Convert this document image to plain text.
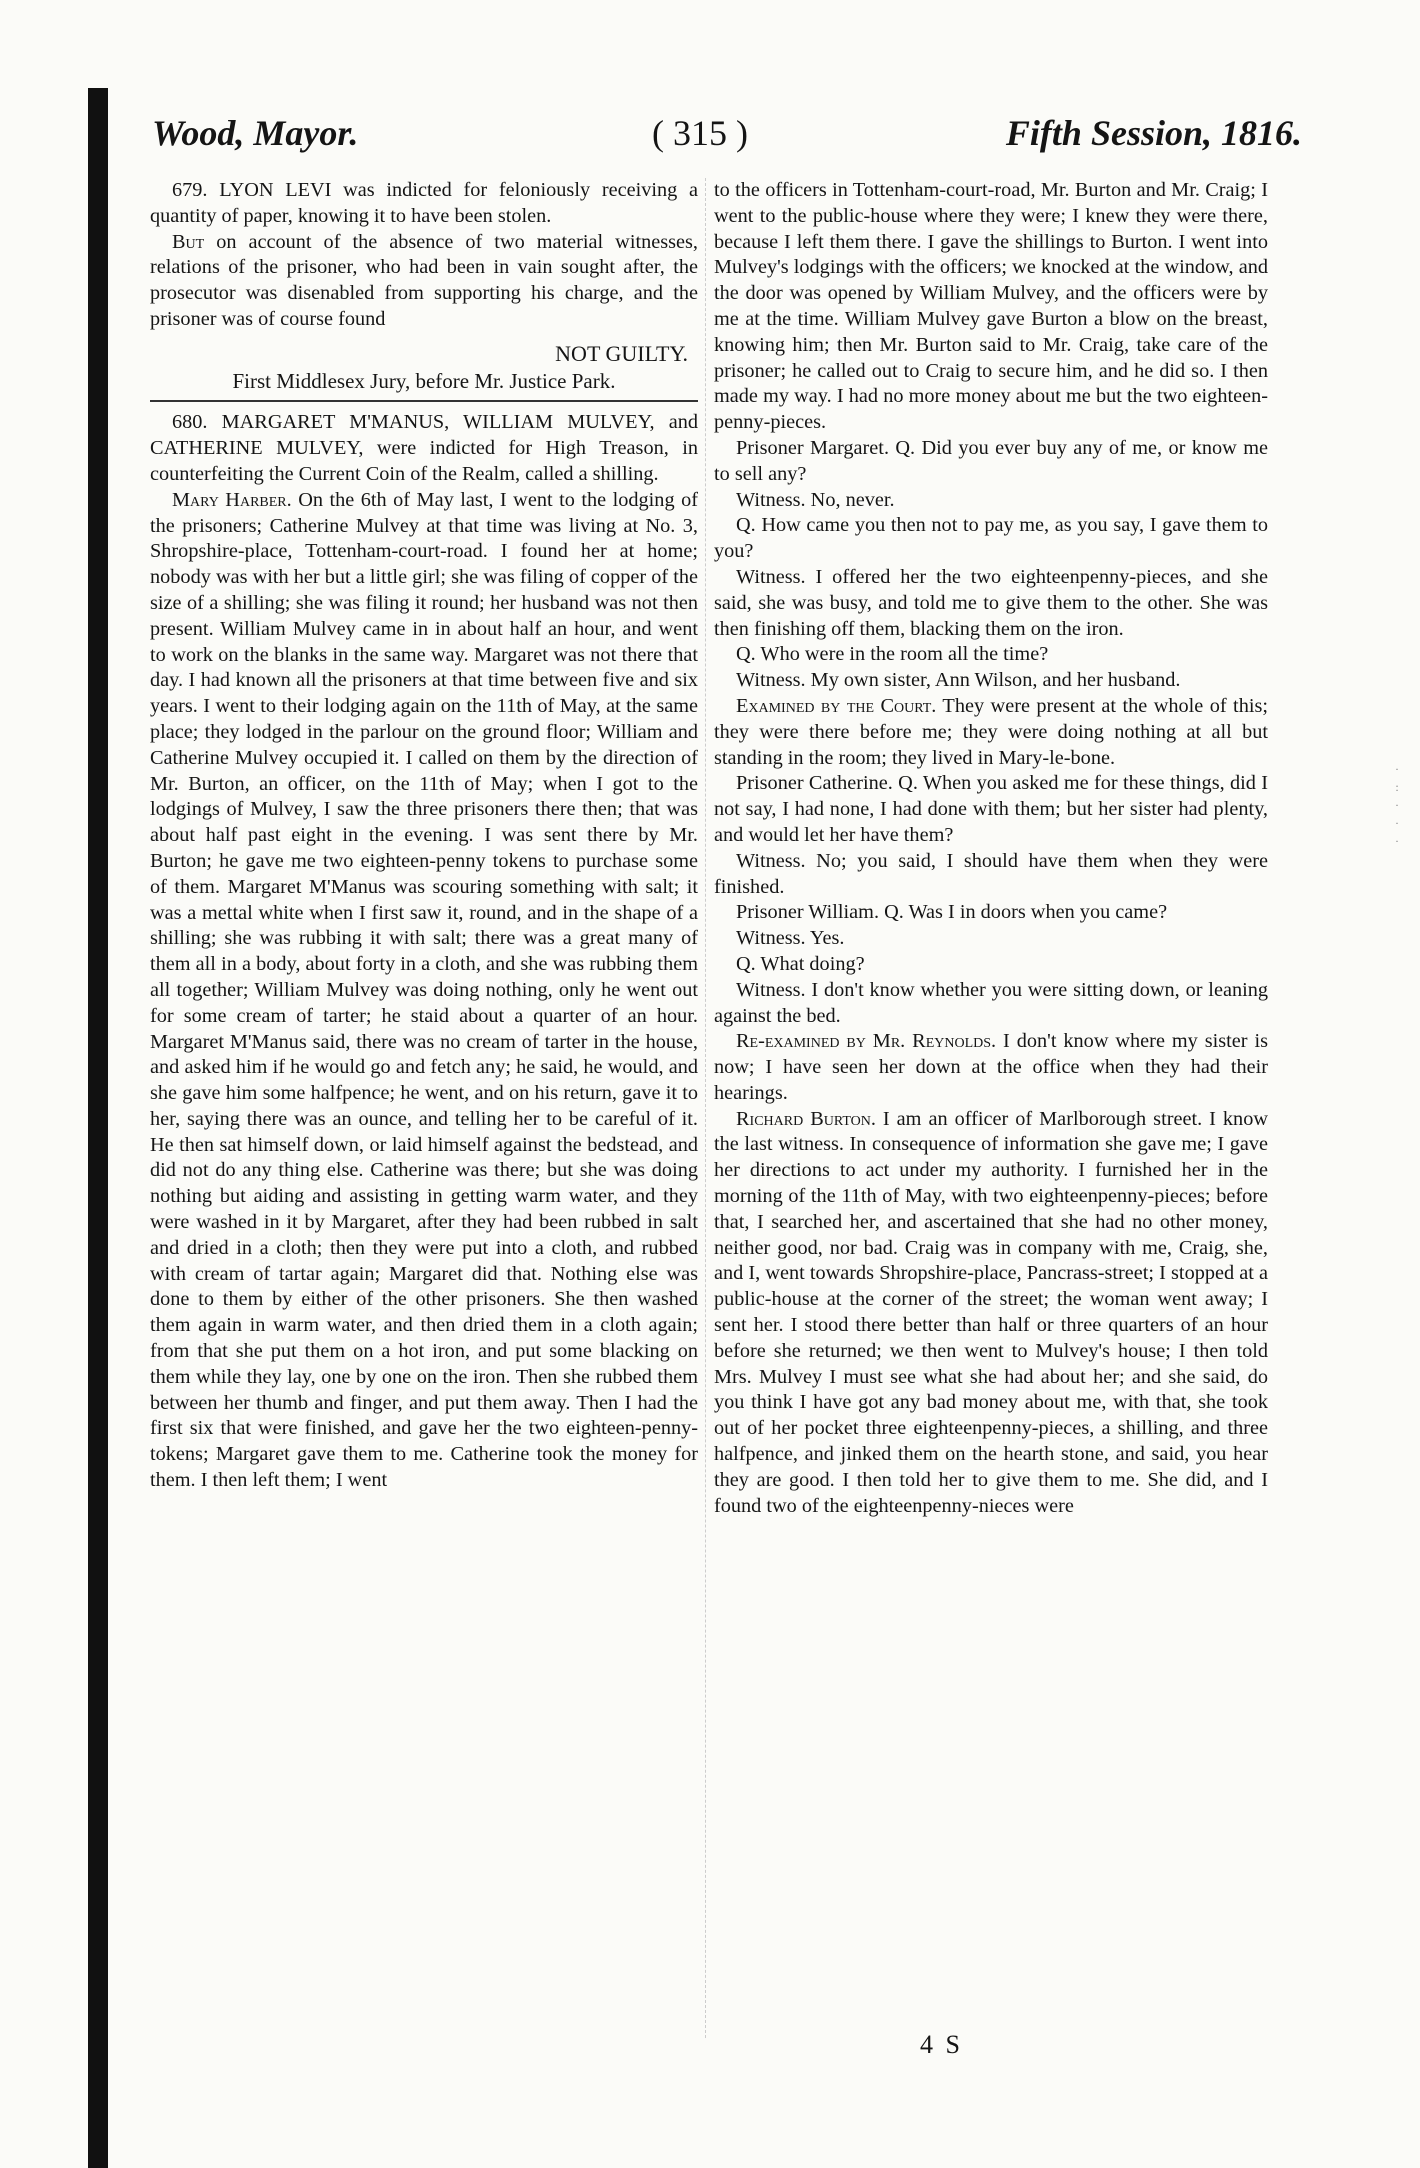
Wood, Mayor.	( 315 )	Fifth Session, 1816.

679. LYON LEVI was indicted for feloniously receiving a quantity of paper, knowing it to have been stolen.

But on account of the absence of two material witnesses, relations of the prisoner, who had been in vain sought after, the prosecutor was disenabled from supporting his charge, and the prisoner was of course found

NOT GUILTY.
First Middlesex Jury, before Mr. Justice Park.

680. MARGARET M'MANUS, WILLIAM MULVEY, and CATHERINE MULVEY, were indicted for High Treason, in counterfeiting the Current Coin of the Realm, called a shilling.

Mary Harber. On the 6th of May last, I went to the lodging of the prisoners; Catherine Mulvey at that time was living at No. 3, Shropshire-place, Tottenham-court-road. I found her at home; nobody was with her but a little girl; she was filing of copper of the size of a shilling; she was filing it round; her husband was not then present. William Mulvey came in in about half an hour, and went to work on the blanks in the same way. Margaret was not there that day. I had known all the prisoners at that time between five and six years. I went to their lodging again on the 11th of May, at the same place; they lodged in the parlour on the ground floor; William and Catherine Mulvey occupied it. I called on them by the direction of Mr. Burton, an officer, on the 11th of May; when I got to the lodgings of Mulvey, I saw the three prisoners there then; that was about half past eight in the evening. I was sent there by Mr. Burton; he gave me two eighteen-penny tokens to purchase some of them. Margaret M'Manus was scouring something with salt; it was a mettal white when I first saw it, round, and in the shape of a shilling; she was rubbing it with salt; there was a great many of them all in a body, about forty in a cloth, and she was rubbing them all together; William Mulvey was doing nothing, only he went out for some cream of tarter; he staid about a quarter of an hour. Margaret M'Manus said, there was no cream of tarter in the house, and asked him if he would go and fetch any; he said, he would, and she gave him some halfpence; he went, and on his return, gave it to her, saying there was an ounce, and telling her to be careful of it. He then sat himself down, or laid himself against the bedstead, and did not do any thing else. Catherine was there; but she was doing nothing but aiding and assisting in getting warm water, and they were washed in it by Margaret, after they had been rubbed in salt and dried in a cloth; then they were put into a cloth, and rubbed with cream of tartar again; Margaret did that. Nothing else was done to them by either of the other prisoners. She then washed them again in warm water, and then dried them in a cloth again; from that she put them on a hot iron, and put some blacking on them while they lay, one by one on the iron. Then she rubbed them between her thumb and finger, and put them away. Then I had the first six that were finished, and gave her the two eighteen-penny-tokens; Margaret gave them to me. Catherine took the money for them. I then left them; I went

to the officers in Tottenham-court-road, Mr. Burton and Mr. Craig; I went to the public-house where they were; I knew they were there, because I left them there. I gave the shillings to Burton. I went into Mulvey's lodgings with the officers; we knocked at the window, and the door was opened by William Mulvey, and the officers were by me at the time. William Mulvey gave Burton a blow on the breast, knowing him; then Mr. Burton said to Mr. Craig, take care of the prisoner; he called out to Craig to secure him, and he did so. I then made my way. I had no more money about me but the two eighteen-penny-pieces.

Prisoner Margaret. Q. Did you ever buy any of me, or know me to sell any?

Witness. No, never.

Q. How came you then not to pay me, as you say, I gave them to you?

Witness. I offered her the two eighteenpenny-pieces, and she said, she was busy, and told me to give them to the other. She was then finishing off them, blacking them on the iron.

Q. Who were in the room all the time?

Witness. My own sister, Ann Wilson, and her husband.

Examined by the Court. They were present at the whole of this; they were there before me; they were doing nothing at all but standing in the room; they lived in Mary-le-bone.

Prisoner Catherine. Q. When you asked me for these things, did I not say, I had none, I had done with them; but her sister had plenty, and would let her have them?

Witness. No; you said, I should have them when they were finished.

Prisoner William. Q. Was I in doors when you came?

Witness. Yes.

Q. What doing?

Witness. I don't know whether you were sitting down, or leaning against the bed.

Re-examined by Mr. Reynolds. I don't know where my sister is now; I have seen her down at the office when they had their hearings.

Richard Burton. I am an officer of Marlborough street. I know the last witness. In consequence of information she gave me; I gave her directions to act under my authority. I furnished her in the morning of the 11th of May, with two eighteenpenny-pieces; before that, I searched her, and ascertained that she had no other money, neither good, nor bad. Craig was in company with me, Craig, she, and I, went towards Shropshire-place, Pancrass-street; I stopped at a public-house at the corner of the street; the woman went away; I sent her. I stood there better than half or three quarters of an hour before she returned; we then went to Mulvey's house; I then told Mrs. Mulvey I must see what she had about her; and she said, do you think I have got any bad money about me, with that, she took out of her pocket three eighteenpenny-pieces, a shilling, and three halfpence, and jinked them on the hearth stone, and said, you hear they are good. I then told her to give them to me. She did, and I found two of the eighteenpenny-nieces were

4 S
·
:
·
·
·
